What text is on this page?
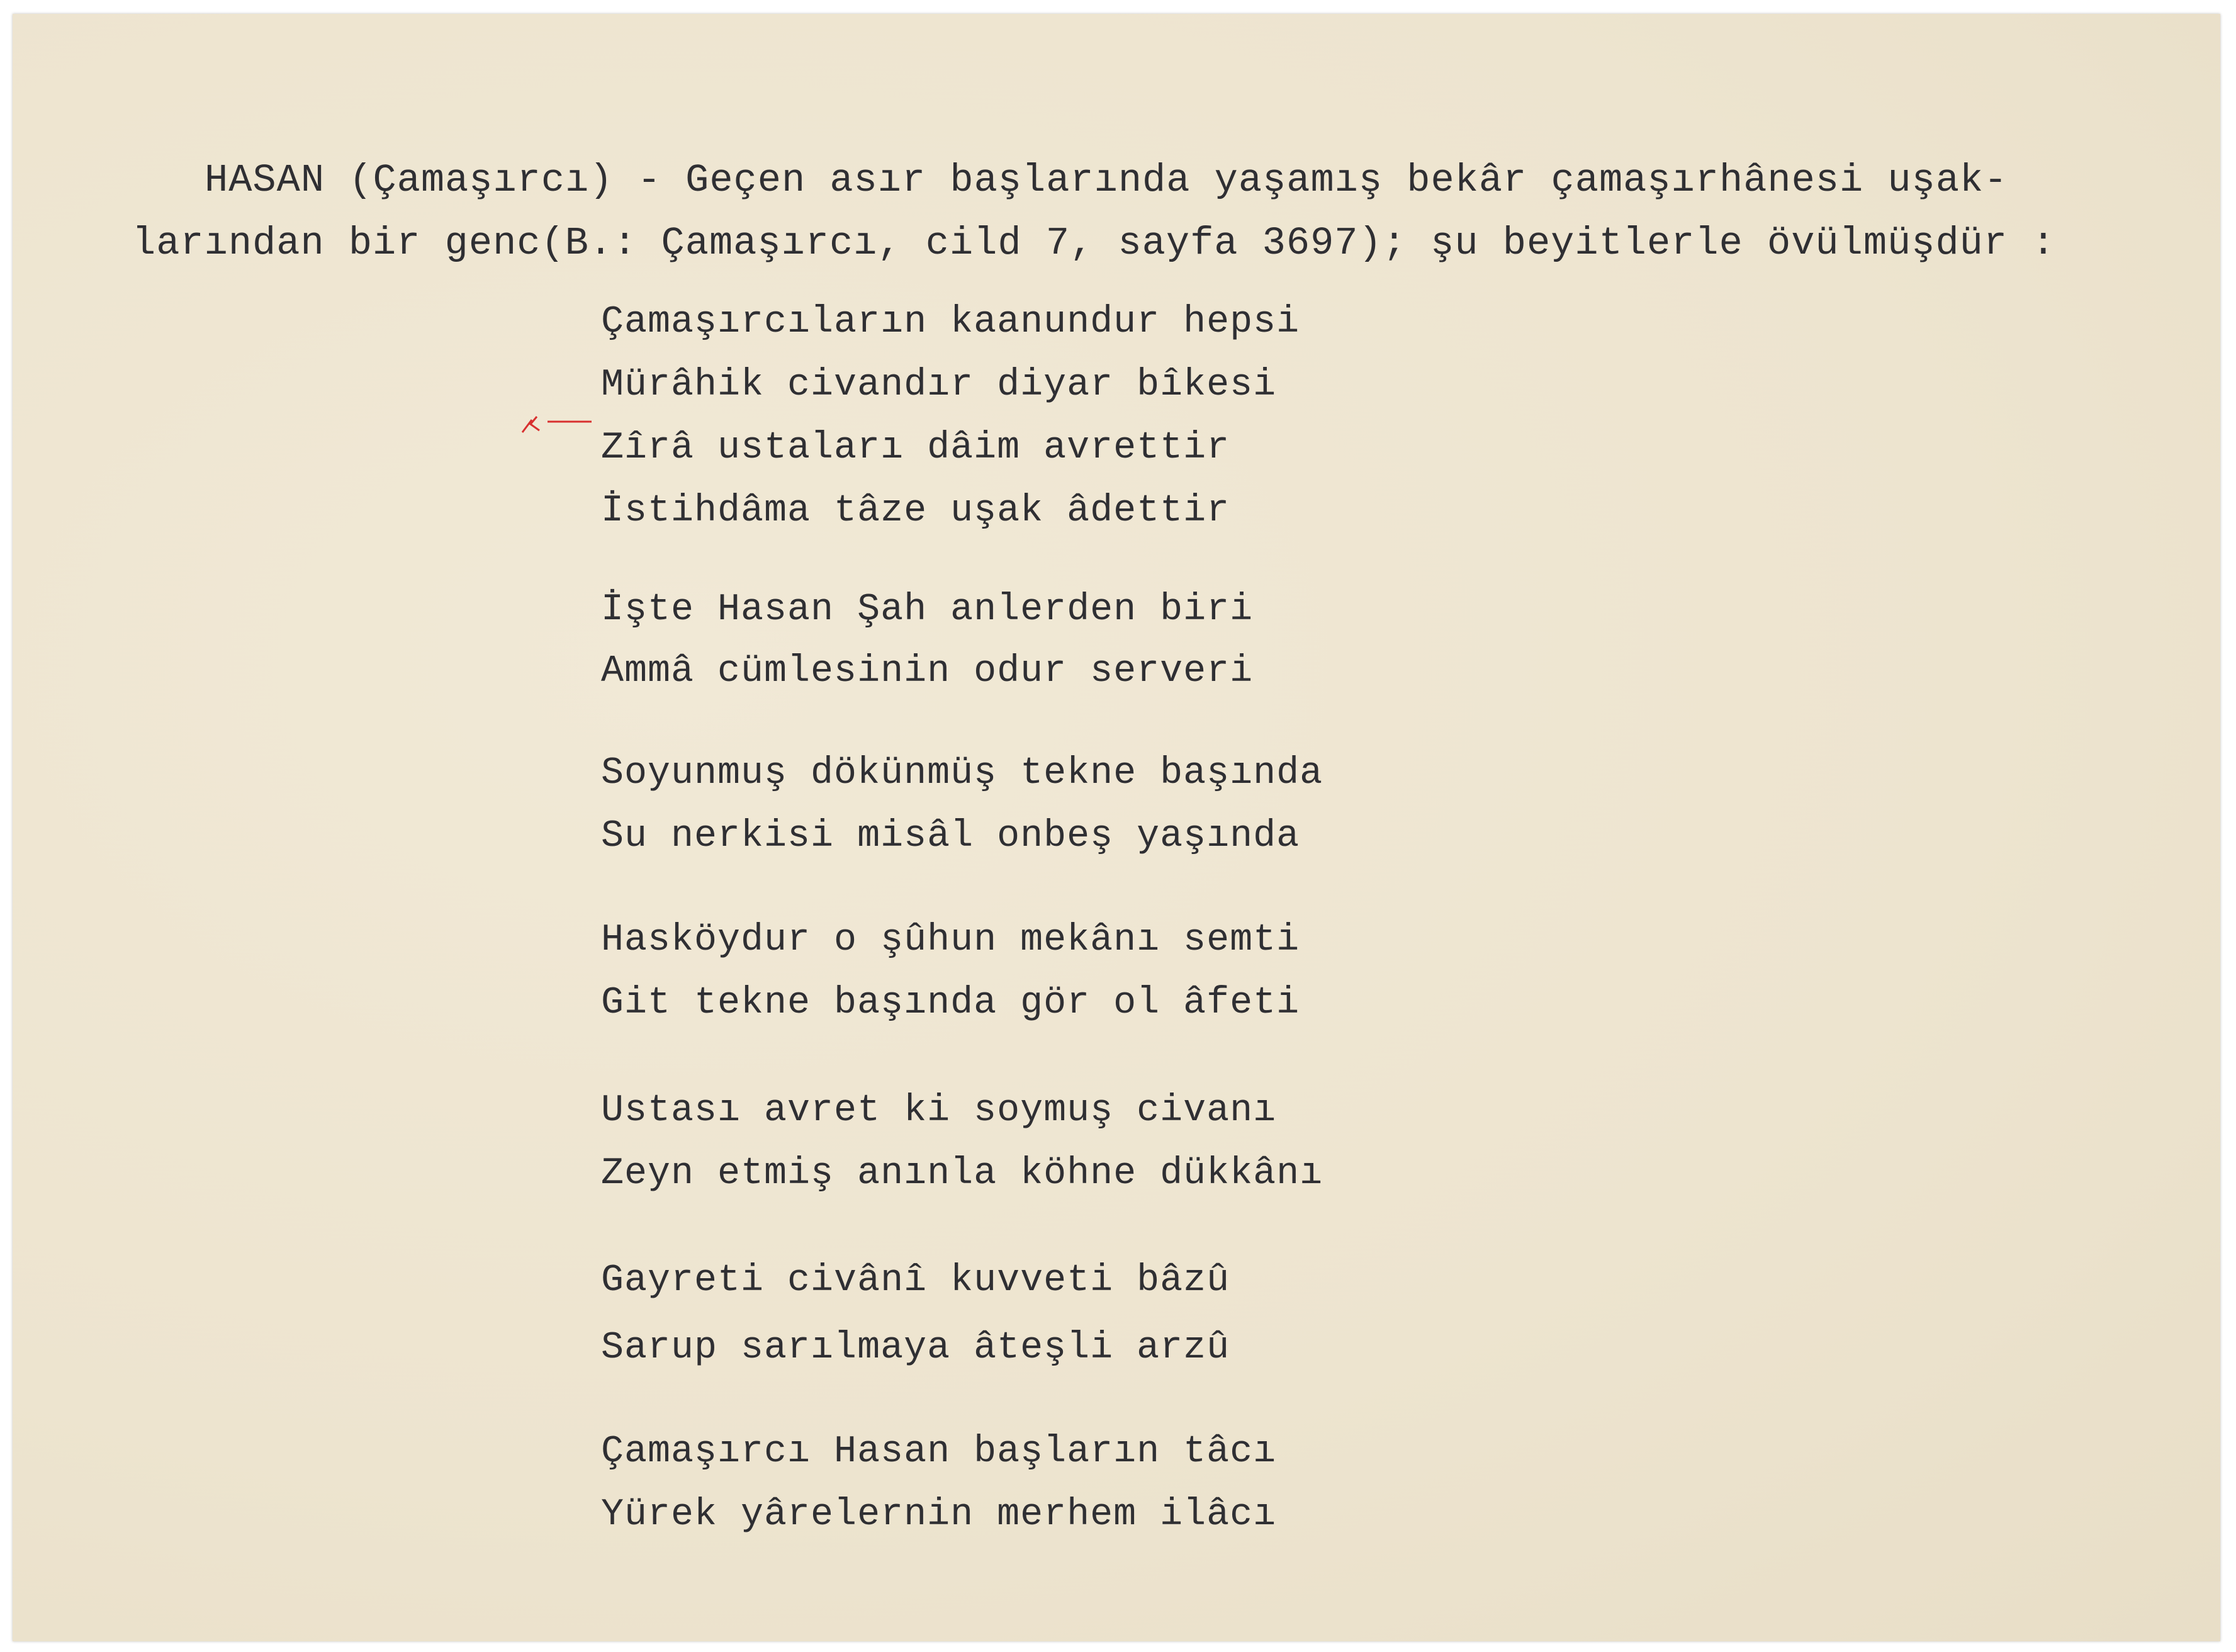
HASAN (Çamaşırcı) - Geçen asır başlarında yaşamış bekâr çamaşırhânesi uşak-
larından bir genc(B.: Çamaşırcı, cild 7, sayfa 3697); şu beyitlerle övülmüşdür :
Çamaşırcıların kaanundur hepsi
Mürâhik civandır diyar bîkesi
Zîrâ ustaları dâim avrettir
İstihdâma tâze uşak âdettir
İşte Hasan Şah anlerden biri
Ammâ cümlesinin odur serveri
Soyunmuş dökünmüş tekne başında
Su nerkisi misâl onbeş yaşında
Hasköydur o şûhun mekânı semti
Git tekne başında gör ol âfeti
Ustası avret ki soymuş civanı
Zeyn etmiş anınla köhne dükkânı
Gayreti civânî kuvveti bâzû
Sarup sarılmaya âteşli arzû
Çamaşırcı Hasan başların tâcı
Yürek yârelernin merhem ilâcı
